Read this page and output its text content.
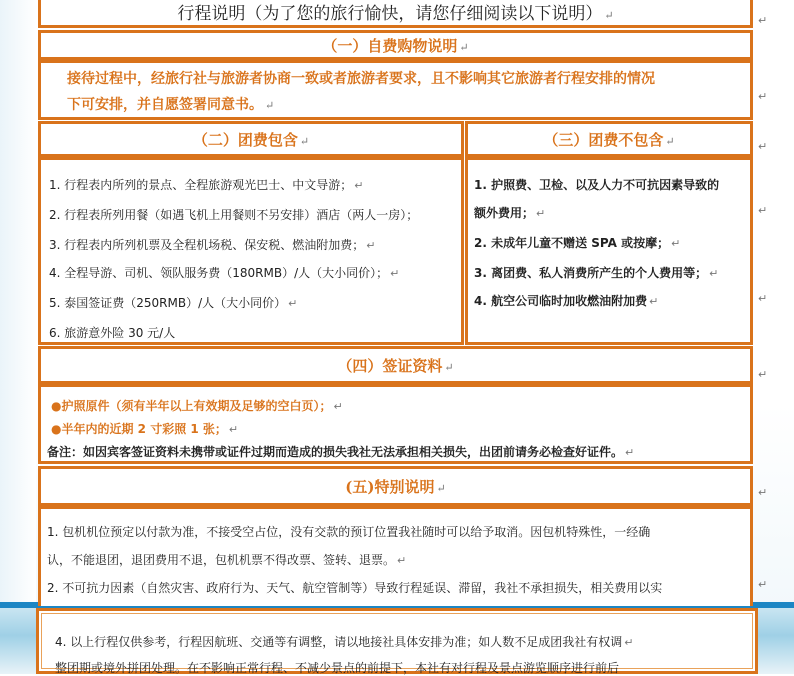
行程说明（为了您的旅行愉快，请您仔细阅读以下说明） ↵
（一）自费购物说明 ↵
接待过程中，经旅行社与旅游者协商一致或者旅游者要求，且不影响其它旅游者行程安排的情况
下可安排，并自愿签署同意书。 ↵
（二）团费包含 ↵	（三）团费不包含 ↵
1. 行程表内所列的景点、全程旅游观光巴士、中文导游； ↵
2. 行程表所列用餐（如遇飞机上用餐则不另安排）酒店（两人一房）；
3. 行程表内所列机票及全程机场税、保安税、燃油附加费； ↵
4. 全程导游、司机、领队服务费（180RMB）/人（大小同价）； ↵
5. 泰国签证费（250RMB）/人（大小同价） ↵
6. 旅游意外险 30 元/人
1. 护照费、卫检、以及人力不可抗因素导致的
额外费用； ↵
2. 未成年儿童不赠送 SPA 或按摩； ↵
3. 离团费、私人消费所产生的个人费用等； ↵
4. 航空公司临时加收燃油附加费 ↵
（四）签证资料 ↵
●护照原件（须有半年以上有效期及足够的空白页）； ↵
●半年内的近期 2 寸彩照 1 张； ↵
备注：如因宾客签证资料未携带或证件过期而造成的损失我社无法承担相关损失，出团前请务必检查好证件。 ↵
(五)特别说明 ↵
1. 包机机位预定以付款为准，不接受空占位，没有交款的预订位置我社随时可以给予取消。因包机特殊性，一经确
认，不能退团，退团费用不退，包机机票不得改票、签转、退票。 ↵
2. 不可抗力因素（自然灾害、政府行为、天气、航空管制等）导致行程延误、滞留，我社不承担损失，相关费用以实
4. 以上行程仅供参考，行程因航班、交通等有调整，请以地接社具体安排为准；如人数不足成团我社有权调 ↵
整团期或境外拼团处理。在不影响正常行程、不减少景点的前提下，本社有对行程及景点游览顺序进行前后
↵
↵
↵
↵
↵
↵
↵
↵
